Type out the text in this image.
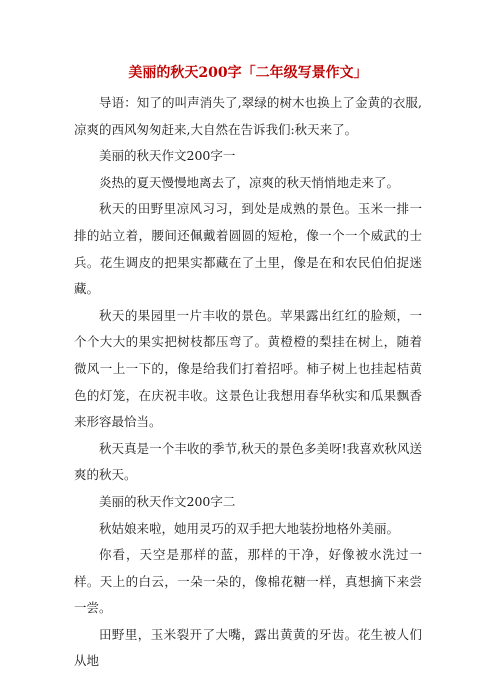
美丽的秋天200字「二年级写景作文」

导语：知了的叫声消失了,翠绿的树木也换上了金黄的衣服,凉爽的西风匆匆赶来,大自然在告诉我们:秋天来了。

美丽的秋天作文200字一

炎热的夏天慢慢地离去了，凉爽的秋天悄悄地走来了。

秋天的田野里凉风习习，到处是成熟的景色。玉米一排一排的站立着，腰间还佩戴着圆圆的短枪，像一个一个威武的士兵。花生调皮的把果实都藏在了土里，像是在和农民伯伯捉迷藏。

秋天的果园里一片丰收的景色。苹果露出红红的脸颊，一个个大大的果实把树枝都压弯了。黄橙橙的梨挂在树上，随着微风一上一下的，像是给我们打着招呼。柿子树上也挂起桔黄色的灯笼，在庆祝丰收。这景色让我想用春华秋实和瓜果飘香来形容最恰当。

秋天真是一个丰收的季节,秋天的景色多美呀!我喜欢秋风送爽的秋天。

美丽的秋天作文200字二

秋姑娘来啦，她用灵巧的双手把大地装扮地格外美丽。

你看，天空是那样的蓝，那样的干净，好像被水洗过一样。天上的白云，一朵一朵的，像棉花糖一样，真想摘下来尝一尝。

田野里，玉米裂开了大嘴，露出黄黄的牙齿。花生被人们从地
